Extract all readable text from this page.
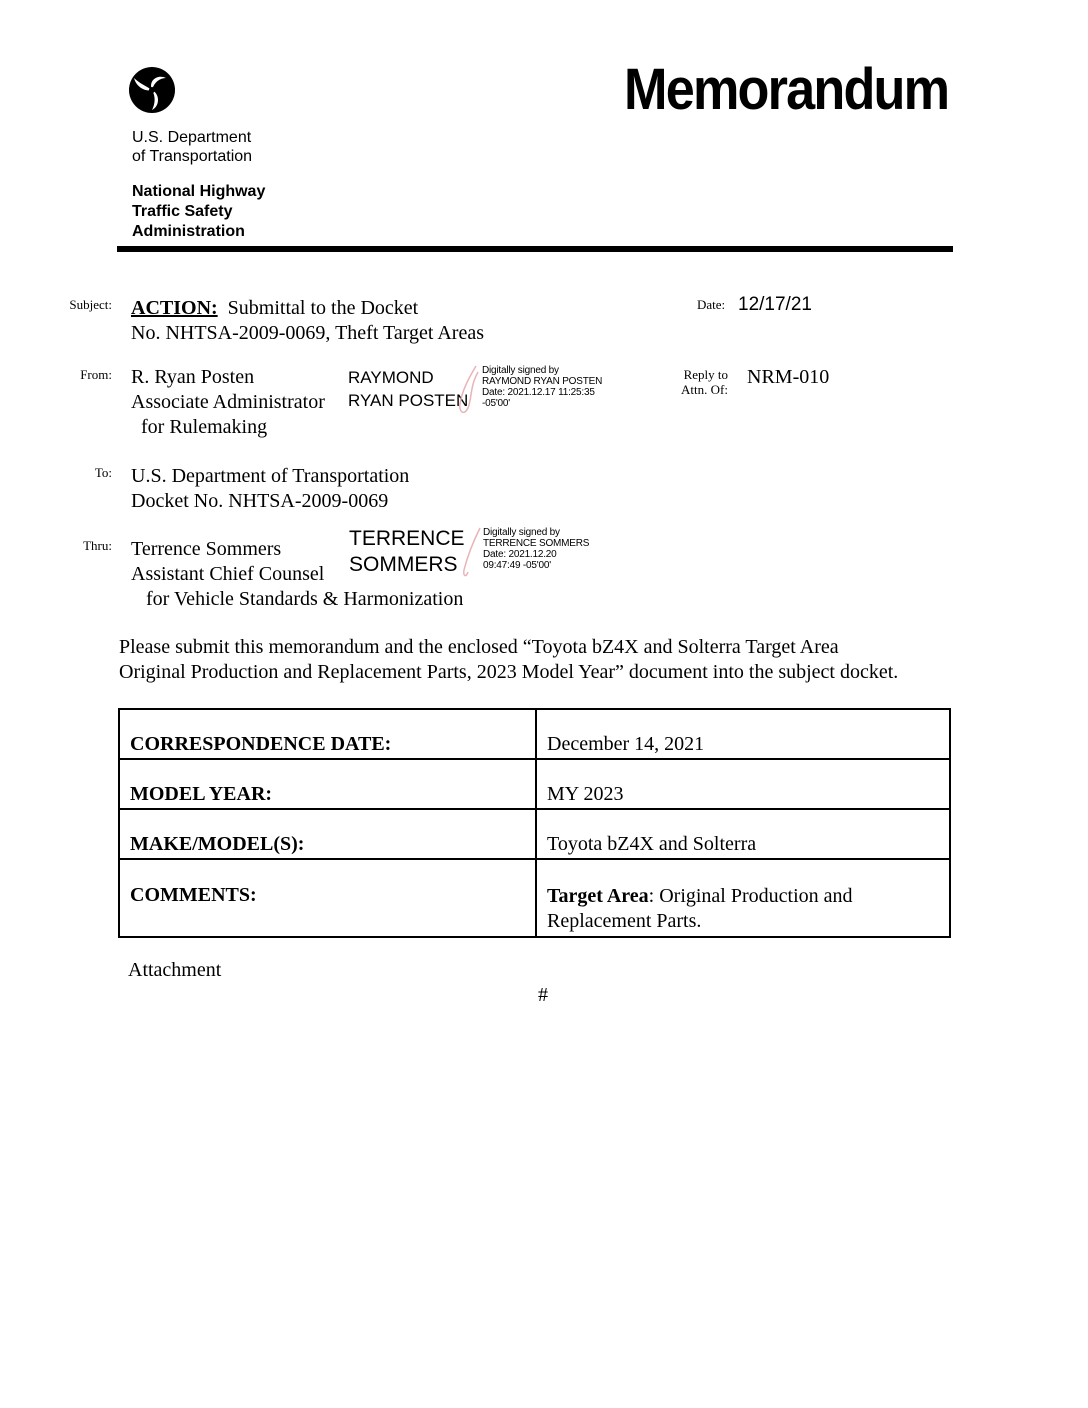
Memorandum
U.S. Department
of Transportation
National Highway
Traffic Safety
Administration
Subject: ACTION: Submittal to the Docket
No. NHTSA-2009-0069, Theft Target Areas
Date: 12/17/21
From: R. Ryan Posten
Associate Administrator
for Rulemaking
RAYMOND
RYAN POSTEN
Digitally signed by
RAYMOND RYAN POSTEN
Date: 2021.12.17 11:25:35
-05'00'
Reply to
Attn. Of:
NRM-010
To: U.S. Department of Transportation
Docket No. NHTSA-2009-0069
Thru: Terrence Sommers
Assistant Chief Counsel
for Vehicle Standards & Harmonization
TERRENCE
SOMMERS
Digitally signed by
TERRENCE SOMMERS
Date: 2021.12.20
09:47:49 -05'00'
Please submit this memorandum and the enclosed “Toyota bZ4X and Solterra Target Area
Original Production and Replacement Parts, 2023 Model Year” document into the subject docket.
CORRESPONDENCE DATE:	December 14, 2021
MODEL YEAR:	MY 2023
MAKE/MODEL(S):	Toyota bZ4X and Solterra
COMMENTS:	Target Area: Original Production and
Replacement Parts.
Attachment
#
